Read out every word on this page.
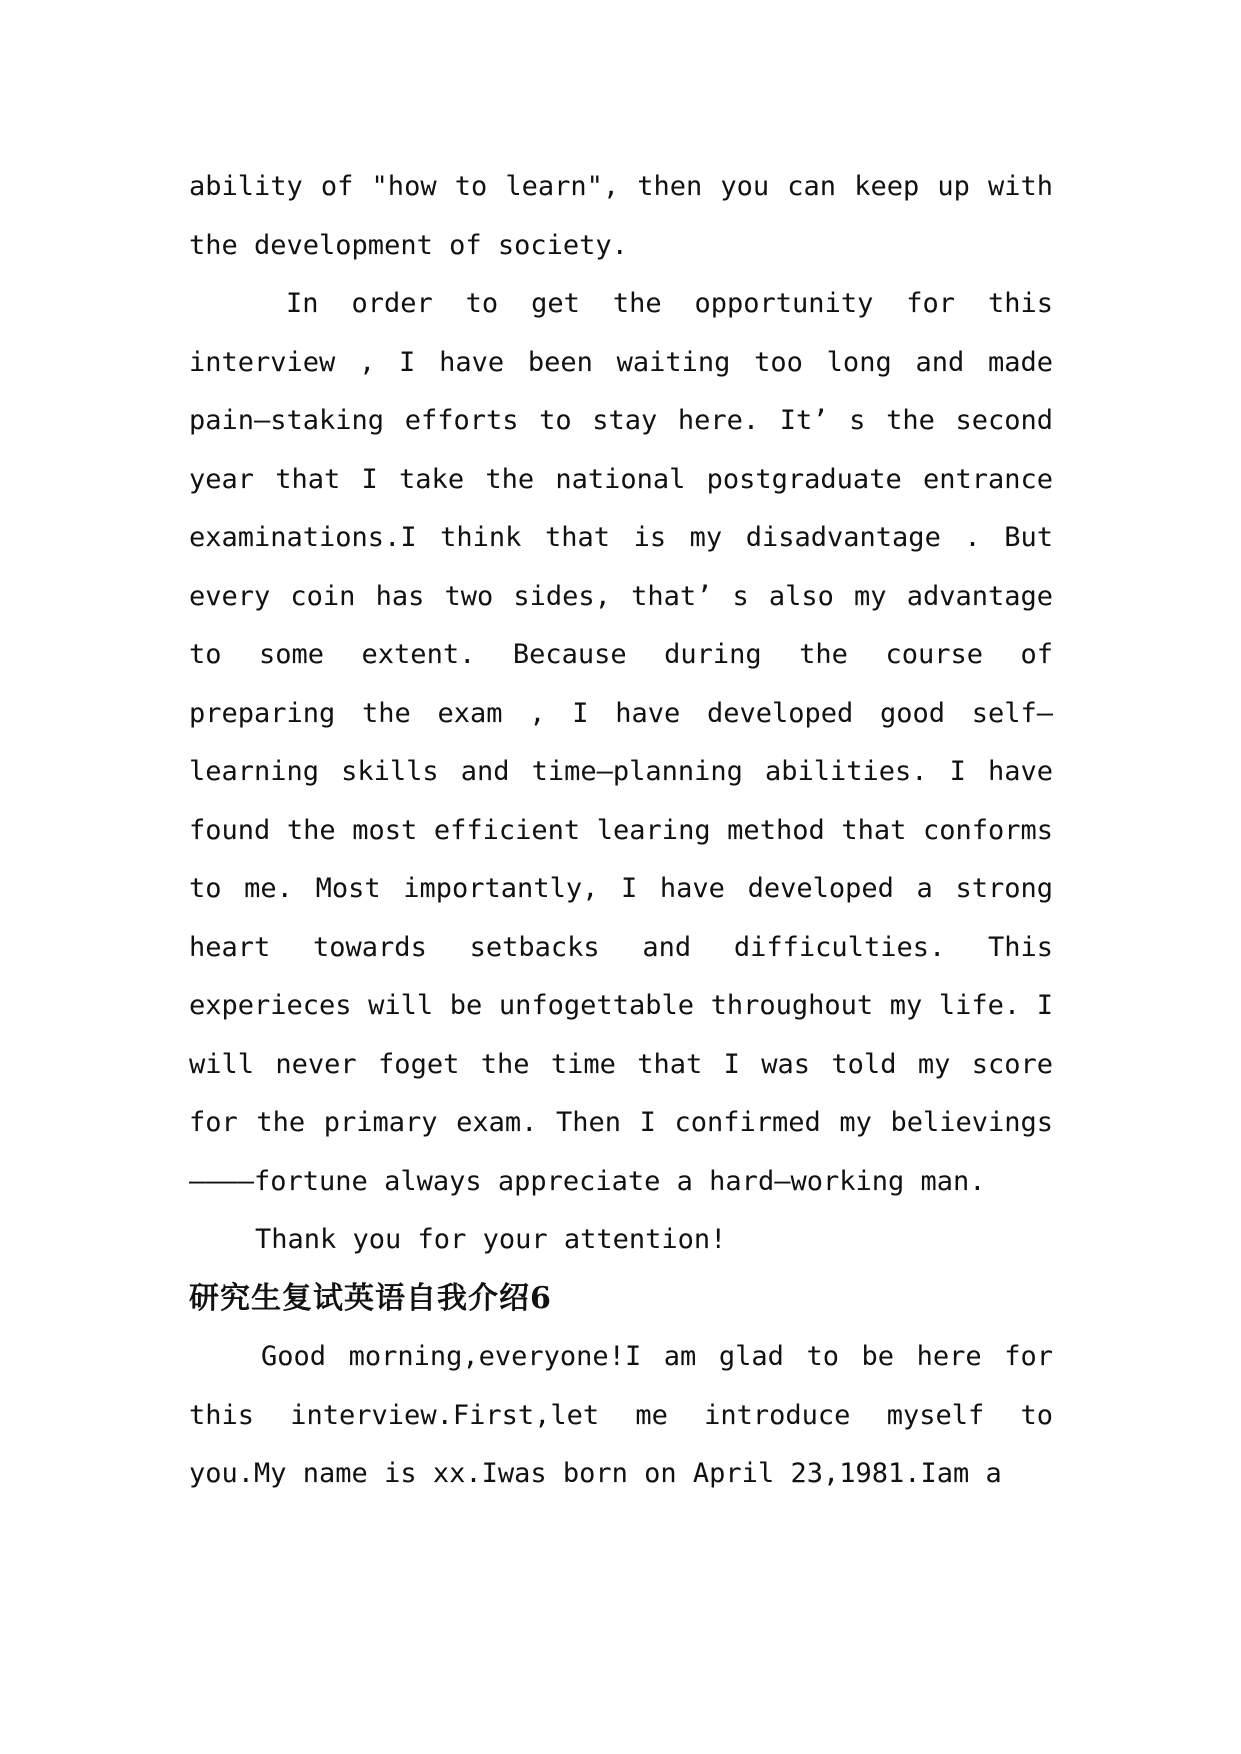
ability of "how to learn", then you can keep up with the development of society.

In order to get the opportunity for this interview , I have been waiting too long and made pain—staking efforts to stay here. It’ s the second year that I take the national postgraduate entrance examinations.I think that is my disadvantage . But every coin has two sides, that’ s also my advantage to some extent. Because during the course of preparing the exam , I have developed good self—learning skills and time—planning abilities. I have found the most efficient learing method that conforms to me. Most importantly, I have developed a strong heart towards setbacks and difficulties. This experieces will be unfogettable throughout my life. I will never foget the time that I was told my score for the primary exam. Then I confirmed my believings————fortune always appreciate a hard—working man.

Thank you for your attention!

研究生复试英语自我介绍6

Good morning,everyone!I am glad to be here for this interview.First,let me introduce myself to you.My name is xx.Iwas born on April 23,1981.Iam a
